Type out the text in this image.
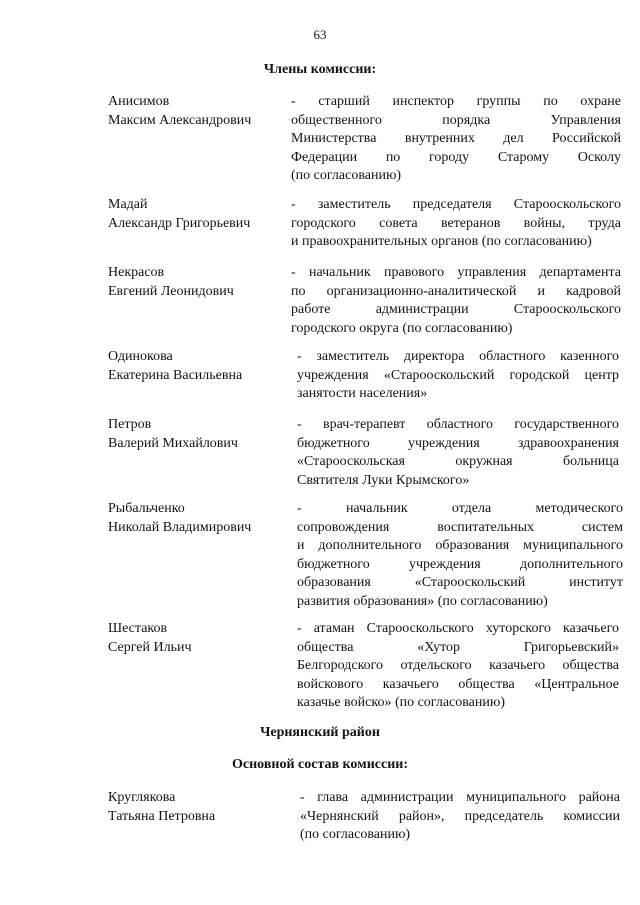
63
Члены комиссии:
Анисимов
Максим Александрович
- старший инспектор группы по охране
общественного порядка Управления
Министерства внутренних дел Российской
Федерации по городу Старому Осколу
(по согласованию)
Мадай
Александр Григорьевич
- заместитель председателя Старооскольского
городского совета ветеранов войны, труда
и правоохранительных органов (по согласованию)
Некрасов
Евгений Леонидович
- начальник правового управления департамента
по организационно-аналитической и кадровой
работе администрации Старооскольского
городского округа (по согласованию)
Одинокова
Екатерина Васильевна
- заместитель директора областного казенного
учреждения «Старооскольский городской центр
занятости населения»
Петров
Валерий Михайлович
- врач-терапевт областного государственного
бюджетного учреждения здравоохранения
«Старооскольская окружная больница
Святителя Луки Крымского»
Рыбальченко
Николай Владимирович
- начальник отдела методического
сопровождения воспитательных систем
и дополнительного образования муниципального
бюджетного учреждения дополнительного
образования «Старооскольский институт
развития образования» (по согласованию)
Шестаков
Сергей Ильич
- атаман Старооскольского хуторского казачьего
общества «Хутор Григорьевский»
Белгородского отдельского казачьего общества
войскового казачьего общества «Центральное
казачье войско» (по согласованию)
Чернянский район
Основной состав комиссии:
Круглякова
Татьяна Петровна
- глава администрации муниципального района
«Чернянский район», председатель комиссии
(по согласованию)
